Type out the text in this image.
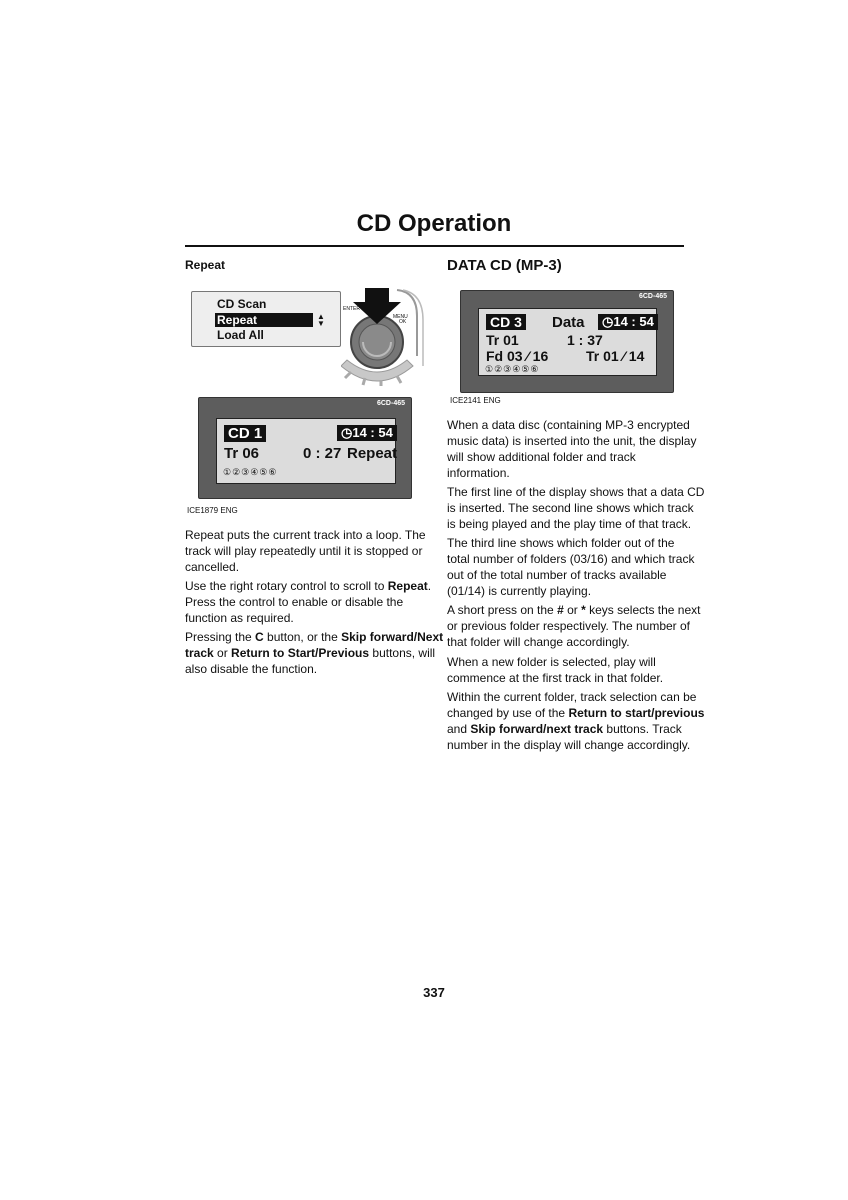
CD Operation
Repeat
CD Scan
Repeat	▲
▼
Load All
ENTER
MENU
OK
6CD-465
CD 1	◷14 : 54
Tr 06	0 : 27 Repeat
①②③④⑤⑥
ICE1879 ENG

Repeat puts the current track into a loop. The
track will play repeatedly until it is stopped or
cancelled.

Use the right rotary control to scroll to Repeat.
Press the control to enable or disable the
function as required.

Pressing the C button, or the Skip forward/Next
track or Return to Start/Previous buttons, will
also disable the function.

DATA CD (MP-3)
6CD-465
CD 3 Data	◷14 : 54
Tr 01	1 : 37
Fd 03 ⁄ 16	Tr 01 ⁄ 14
①②③④⑤⑥
ICE2141 ENG

When a data disc (containing MP-3 encrypted
music data) is inserted into the unit, the display
will show additional folder and track
information.

The first line of the display shows that a data CD
is inserted. The second line shows which track
is being played and the play time of that track.

The third line shows which folder out of the
total number of folders (03/16) and which track
out of the total number of tracks available
(01/14) is currently playing.

A short press on the # or * keys selects the next
or previous folder respectively. The number of
that folder will change accordingly.

When a new folder is selected, play will
commence at the first track in that folder.

Within the current folder, track selection can be
changed by use of the Return to start/previous
and Skip forward/next track buttons. Track
number in the display will change accordingly.

337
